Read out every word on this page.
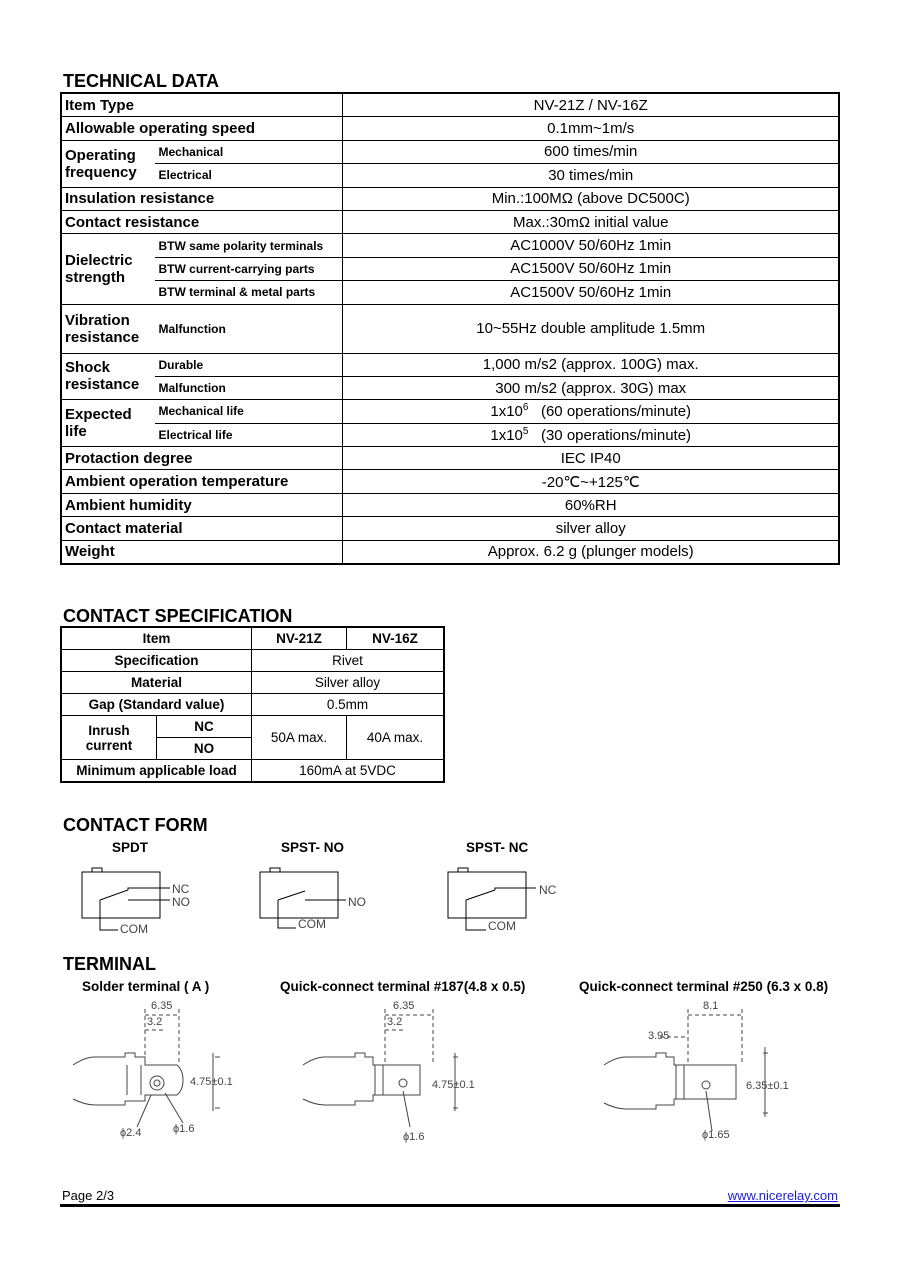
TECHNICAL DATA
Item Type		NV-21Z / NV-16Z
Allowable operating speed		0.1mm~1m/s
Operating frequency	Mechanical	600 times/min
	Electrical	30 times/min
Insulation resistance		Min.:100MΩ (above DC500C)
Contact resistance		Max.:30mΩ initial value
Dielectric strength	BTW same polarity terminals	AC1000V 50/60Hz 1min
	BTW current-carrying parts	AC1500V 50/60Hz 1min
	BTW terminal & metal parts	AC1500V 50/60Hz 1min
Vibration resistance	Malfunction	10~55Hz double amplitude 1.5mm
Shock resistance	Durable	1,000 m/s2 (approx. 100G) max.
	Malfunction	300 m/s2 (approx. 30G) max
Expected life	Mechanical life	$1x10^6$ (60 operations/minute)
	Electrical life	$1x10^5$ (30 operations/minute)
Protaction degree		IEC IP40
Ambient operation temperature		-20℃~+125℃
Ambient humidity		60%RH
Contact material		silver alloy
Weight		Approx. 6.2 g (plunger models)
CONTACT SPECIFICATION
Item		NV-21Z	NV-16Z
Specification		Rivet	
Material		Silver alloy	
Gap (Standard value)		0.5mm	
Inrush current	NC	50A max.	40A max.
	NO		
Minimum applicable load		160mA at 5VDC	
CONTACT FORM
SPDT	SPST- NO	SPST- NC
NC
NO
COM
NO
COM
NC
COM
TERMINAL
Solder terminal ( A )	Quick-connect terminal #187(4.8 x 0.5)	Quick-connect terminal #250 (6.3 x 0.8)
6.35
3.2
4.75±0.1
ϕ2.4	ϕ1.6
6.35
3.2
4.75±0.1
ϕ1.6
8.1
3.95
6.35±0.1
ϕ1.65
Page 2/3	www.nicerelay.com
